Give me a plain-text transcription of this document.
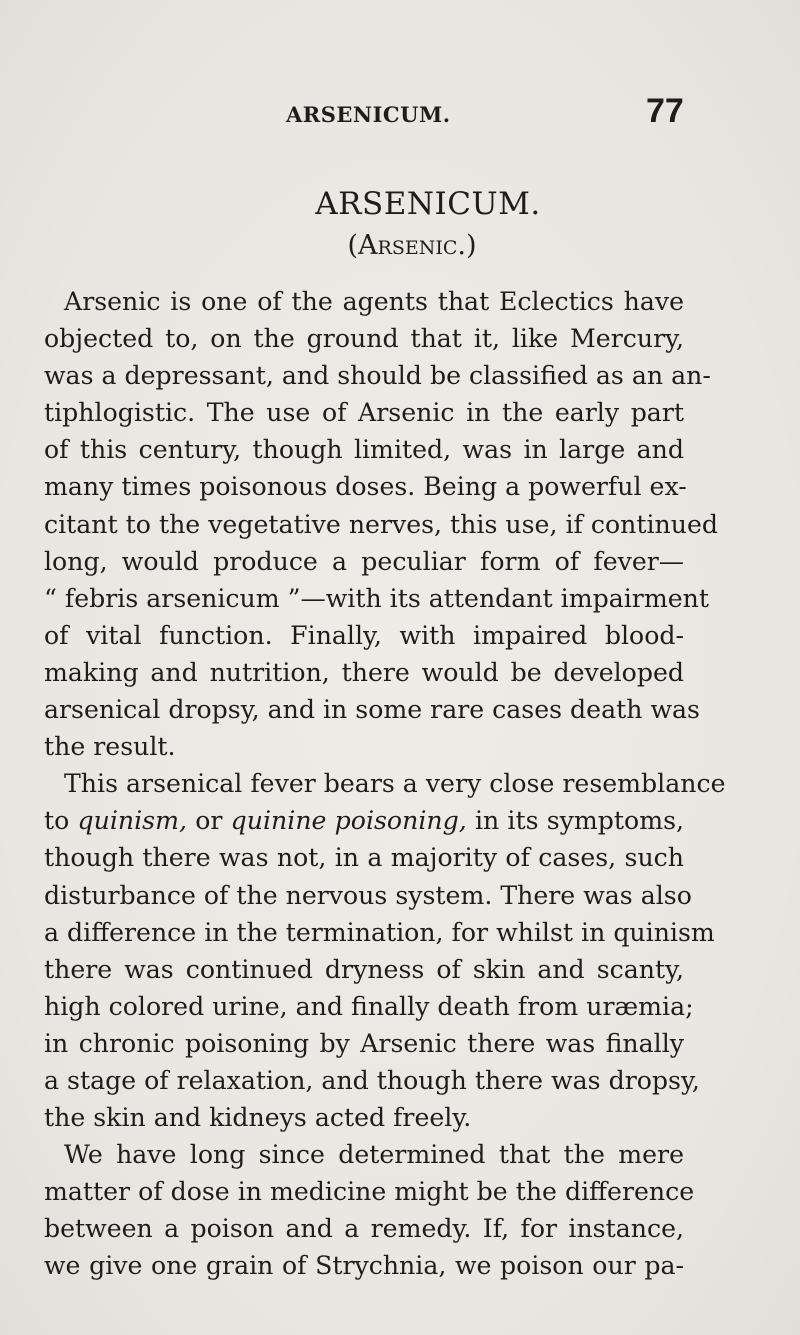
ARSENICUM.	77
ARSENICUM.
(Arsenic.)
Arsenic is one of the agents that Eclectics have
objected to, on the ground that it, like Mercury,
was a depressant, and should be classified as an an-
tiphlogistic. The use of Arsenic in the early part
of this century, though limited, was in large and
many times poisonous doses. Being a powerful ex-
citant to the vegetative nerves, this use, if continued
long, would produce a peculiar form of fever—
“ febris arsenicum ”—with its attendant impairment
of vital function. Finally, with impaired blood-
making and nutrition, there would be developed
arsenical dropsy, and in some rare cases death was
the result.
This arsenical fever bears a very close resemblance
to quinism, or quinine poisoning, in its symptoms,
though there was not, in a majority of cases, such
disturbance of the nervous system. There was also
a difference in the termination, for whilst in quinism
there was continued dryness of skin and scanty,
high colored urine, and finally death from uræmia;
in chronic poisoning by Arsenic there was finally
a stage of relaxation, and though there was dropsy,
the skin and kidneys acted freely.
We have long since determined that the mere
matter of dose in medicine might be the difference
between a poison and a remedy. If, for instance,
we give one grain of Strychnia, we poison our pa-
